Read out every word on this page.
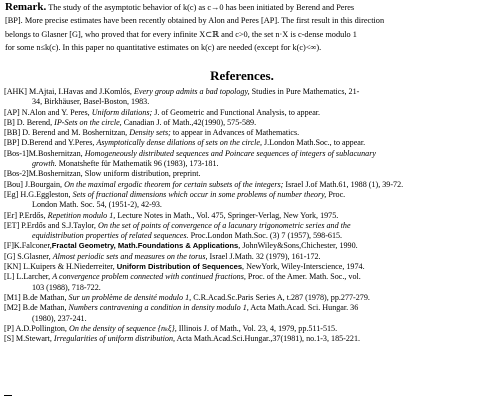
Remark. The study of the asymptotic behavior of k(c) as c→0 has been initiated by Berend and Peres
[BP]. More precise estimates have been recently obtained by Alon and Peres [AP]. The first result in this direction
belongs to Glasner [G], who proved that for every infinite X⊂ℝ and c>0, the set n·X is c-dense modulo 1
for some n≤k(c). In this paper no quantitative estimates on k(c) are needed (except for k(c)<∞).
References.
[AHK] M.Ajtai, I.Havas and J.Komlós, Every group admits a bad topology, Studies in Pure Mathematics, 21-
34, Birkhäuser, Basel-Boston, 1983.
[AP] N.Alon and Y. Peres, Uniform dilations; J. of Geometric and Functional Analysis, to appear.
[B] D. Berend, IP-Sets on the circle, Canadian J. of Math.,42(1990), 575-589.
[BB] D. Berend and M. Boshernitzan, Density sets; to appear in Advances of Mathematics.
[BP] D.Berend and Y.Peres, Asymptotically dense dilations of sets on the circle, J.London Math.Soc., to appear.
[Bos-1]M.Boshernitzan, Homogeneously distributed sequences and Poincare sequences of integers of sublacunary
growth. Monatshefte für Mathematik 96 (1983), 173-181.
[Bos-2]M.Boshernitzan, Slow uniform distribution, preprint.
[Bou] J.Bourgain, On the maximal ergodic theorem for certain subsets of the integers; Israel J.of Math.61, 1988 (1), 39-72.
[Eg] H.G.Eggleston, Sets of fractional dimensions which occur in some problems of number theory, Proc.
London Math. Soc. 54, (1951-2), 42-93.
[Er] P.Erdős, Repetition modulo 1, Lecture Notes in Math., Vol. 475, Springer-Verlag, New York, 1975.
[ET] P.Erdős and S.J.Taylor, On the set of points of convergence of a lacunary trigonometric series and the
equidistribution properties of related sequences. Proc.London Math.Soc. (3) 7 (1957), 598-615.
[F]K.Falconer,Fractal Geometry, Math.Foundations & Applications, JohnWiley&Sons,Chichester, 1990.
[G] S.Glasner, Almost periodic sets and measures on the torus, Israel J.Math. 32 (1979), 161-172.
[KN] L.Kuipers & H.Niederreiter, Uniform Distribution of Sequences, NewYork, Wiley-Interscience, 1974.
[L] L.Larcher, A convergence problem connected with continued fractions, Proc. of the Amer. Math. Soc., vol.
103 (1988), 718-722.
[M1] B.de Mathan, Sur un problème de densité modulo 1, C.R.Acad.Sc.Paris Series A, t.287 (1978), pp.277-279.
[M2] B.de Mathan, Numbers contravening a condition in density modulo 1, Acta Math.Acad. Sci. Hungar. 36
(1980), 237-241.
[P] A.D.Pollington, On the density of sequence {nₖξ}, Illinois J. of Math., Vol. 23, 4, 1979, pp.511-515.
[S] M.Stewart, Irregularities of uniform distribution, Acta Math.Acad.Sci.Hungar.,37(1981), no.1-3, 185-221.
